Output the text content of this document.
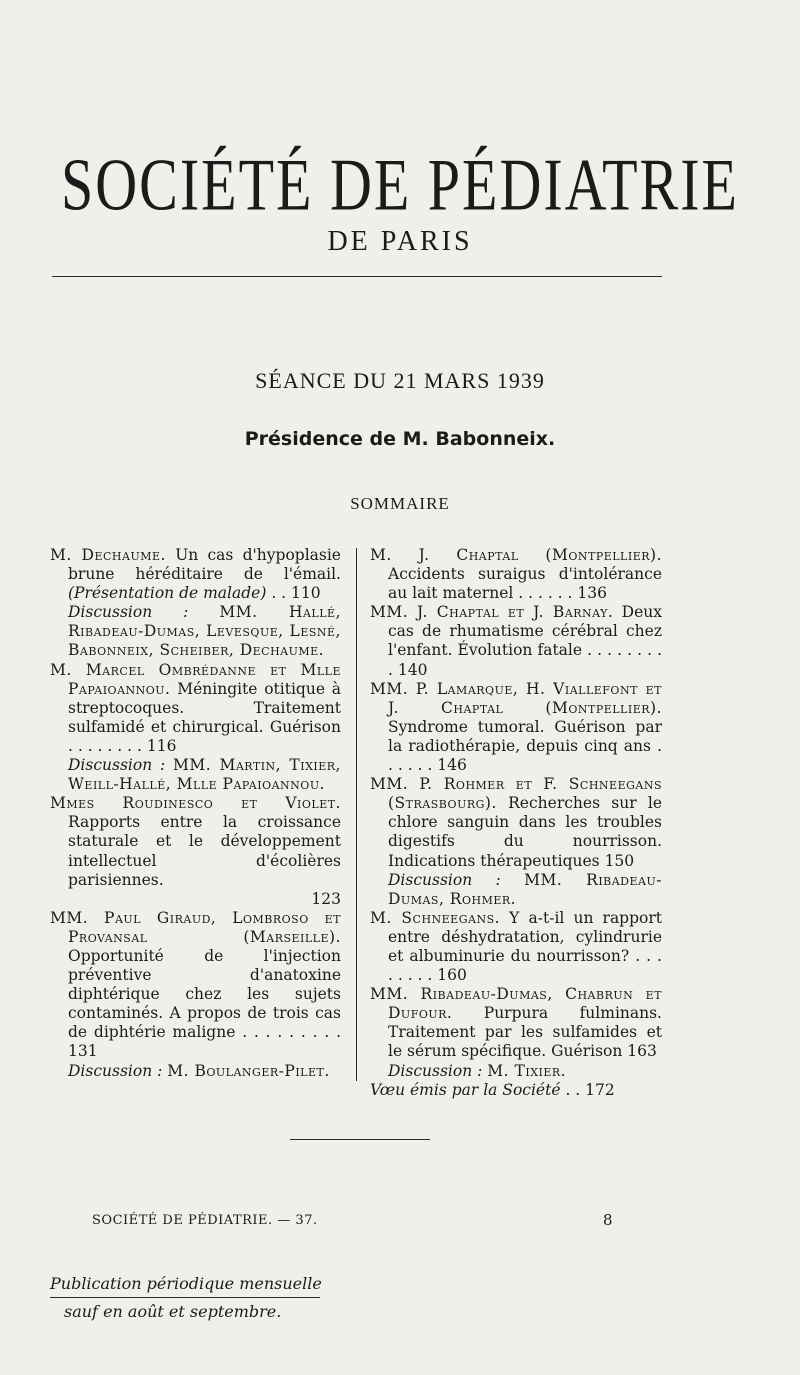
SOCIÉTÉ DE PÉDIATRIE
DE PARIS
SÉANCE DU 21 MARS 1939
Présidence de M. Babonneix.
SOMMAIRE

M. Dechaume. Un cas d'hypoplasie brune héréditaire de l'émail. (Présentation de malade) . . 110
Discussion : MM. Hallé, Ribadeau-Dumas, Levesque, Lesné, Babonneix, Scheiber, Dechaume.

M. Marcel Ombrédanne et Mlle Papaioannou. Méningite otitique à streptocoques. Traitement sulfamidé et chirurgical. Guérison . . . . . . . . 116
Discussion : MM. Martin, Tixier, Weill-Hallé, Mlle Papaioannou.

Mmes Roudinesco et Violet. Rapports entre la croissance staturale et le développement intellectuel d'écolières parisiennes.
123

MM. Paul Giraud, Lombroso et Provansal (Marseille). Opportunité de l'injection préventive d'anatoxine diphtérique chez les sujets contaminés. A propos de trois cas de diphtérie maligne . . . . . . . . . 131
Discussion : M. Boulanger-Pilet.

M. J. Chaptal (Montpellier). Accidents suraigus d'intolérance au lait maternel . . . . . . 136

MM. J. Chaptal et J. Barnay. Deux cas de rhumatisme cérébral chez l'enfant. Évolution fatale . . . . . . . . . 140

MM. P. Lamarque, H. Viallefont et J. Chaptal (Montpellier). Syndrome tumoral. Guérison par la radiothérapie, depuis cinq ans . . . . . . 146

MM. P. Rohmer et F. Schneegans (Strasbourg). Recherches sur le chlore sanguin dans les troubles digestifs du nourrisson. Indications thérapeutiques 150
Discussion : MM. Ribadeau-Dumas, Rohmer.

M. Schneegans. Y a-t-il un rapport entre déshydratation, cylindrurie et albuminurie du nourrisson? . . . . . . . . 160

MM. Ribadeau-Dumas, Chabrun et Dufour. Purpura fulminans. Traitement par les sulfamides et le sérum spécifique. Guérison 163
Discussion : M. Tixier.

Vœu émis par la Société . . 172

SOCIÉTÉ DE PÉDIATRIE. — 37.	8
Publication périodique mensuelle
sauf en août et septembre.
